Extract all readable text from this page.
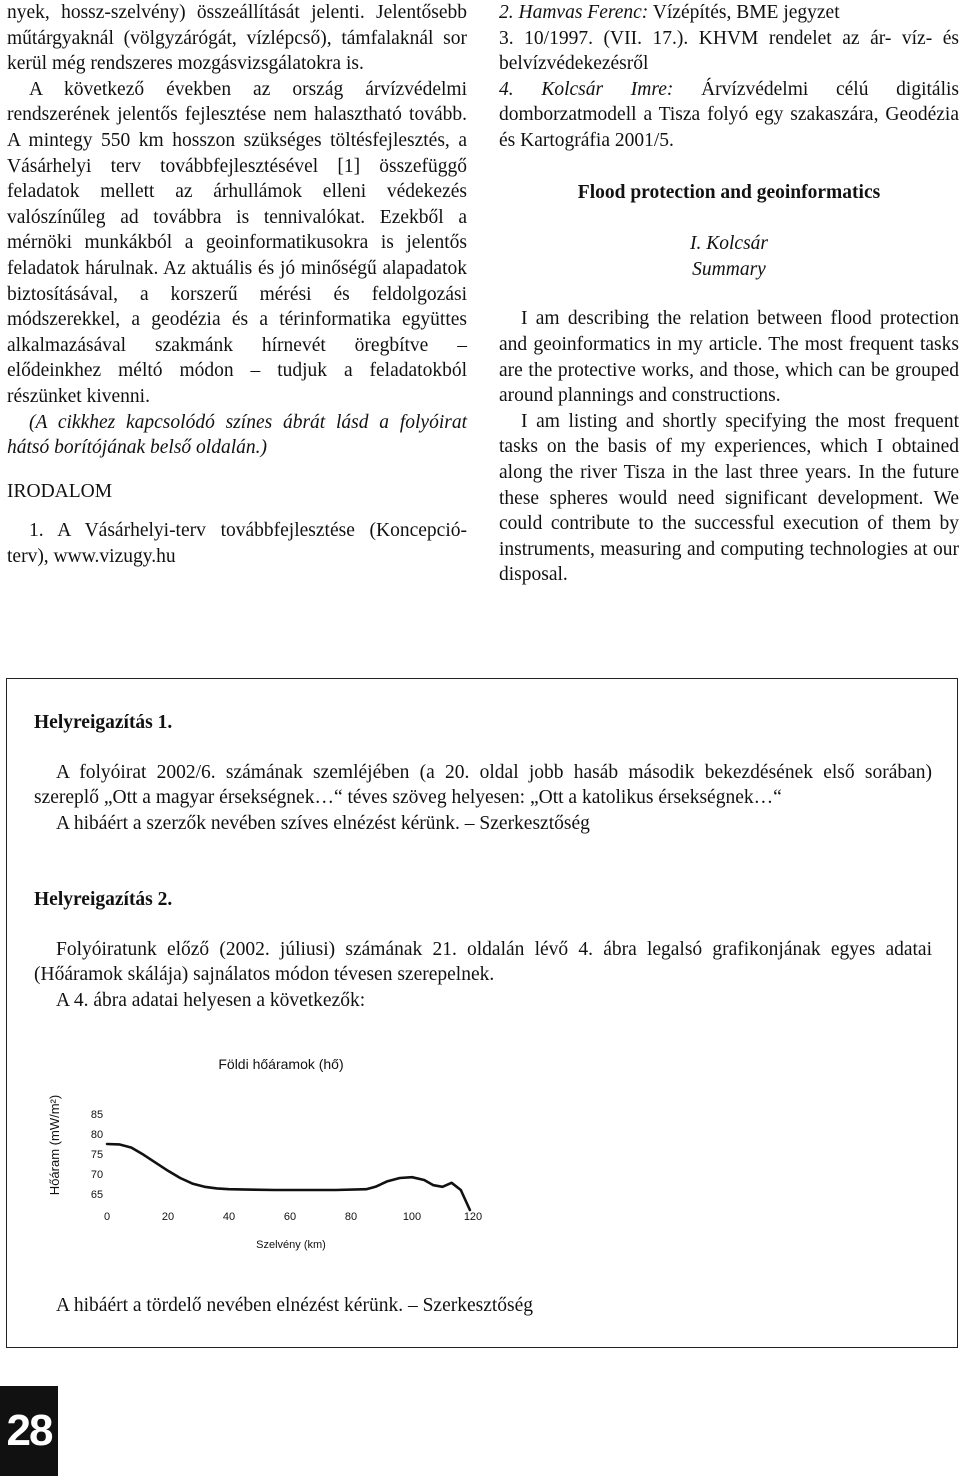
nyek, hossz-szelvény) összeállítását jelenti. Jelentősebb műtárgyaknál (völgyzárógát, vízlépcső), támfalaknál sor kerül még rendszeres mozgásvizsgálatokra is.

A következő években az ország árvízvédelmi rendszerének jelentős fejlesztése nem halasztható tovább. A mintegy 550 km hosszon szükséges töltésfejlesztés, a Vásárhelyi terv továbbfejlesztésével [1] összefüggő feladatok mellett az árhullámok elleni védekezés valószínűleg ad továbbra is tennivalókat. Ezekből a mérnöki munkákból a geoinformatikusokra is jelentős feladatok hárulnak. Az aktuális és jó minőségű alapadatok biztosításával, a korszerű mérési és feldolgozási módszerekkel, a geodézia és a térinformatika együttes alkalmazásával szakmánk hírnevét öregbítve – elődeinkhez méltó módon – tudjuk a feladatokból részünket kivenni.

(A cikkhez kapcsolódó színes ábrát lásd a folyóirat hátsó borítójának belső oldalán.)

IRODALOM

1. A Vásárhelyi-terv továbbfejlesztése (Koncepció-terv), www.vizugy.hu

2. Hamvas Ferenc: Vízépítés, BME jegyzet

3. 10/1997. (VII. 17.). KHVM rendelet az ár- víz- és belvízvédekezésről

4. Kolcsár Imre: Árvízvédelmi célú digitális domborzatmodell a Tisza folyó egy szakaszára, Geodézia és Kartográfia 2001/5.

Flood protection and geoinformatics

I. Kolcsár

Summary

I am describing the relation between flood protection and geoinformatics in my article. The most frequent tasks are the protective works, and those, which can be grouped around plannings and constructions.

I am listing and shortly specifying the most frequent tasks on the basis of my experiences, which I obtained along the river Tisza in the last three years. In the future these spheres would need significant development. We could contribute to the successful execution of them by instruments, measuring and computing technologies at our disposal.

Helyreigazítás 1.

A folyóirat 2002/6. számának szemléjében (a 20. oldal jobb hasáb második bekezdésének első sorában) szereplő „Ott a magyar érsekségnek…“ téves szöveg helyesen: „Ott a katolikus érsekségnek…“

A hibáért a szerzők nevében szíves elnézést kérünk. – Szerkesztőség

Helyreigazítás 2.

Folyóiratunk előző (2002. júliusi) számának 21. oldalán lévő 4. ábra legalsó grafikonjának egyes adatai (Hőáramok skálája) sajnálatos módon tévesen szerepelnek.

A 4. ábra adatai helyesen a következők:

Földi hőáramok (hő)
Hőáram (mW/m²)
Szelvény (km)
85
80
75
70
65
0	20	40	60	80	100	120

A hibáért a tördelő nevében elnézést kérünk. – Szerkesztőség

28
